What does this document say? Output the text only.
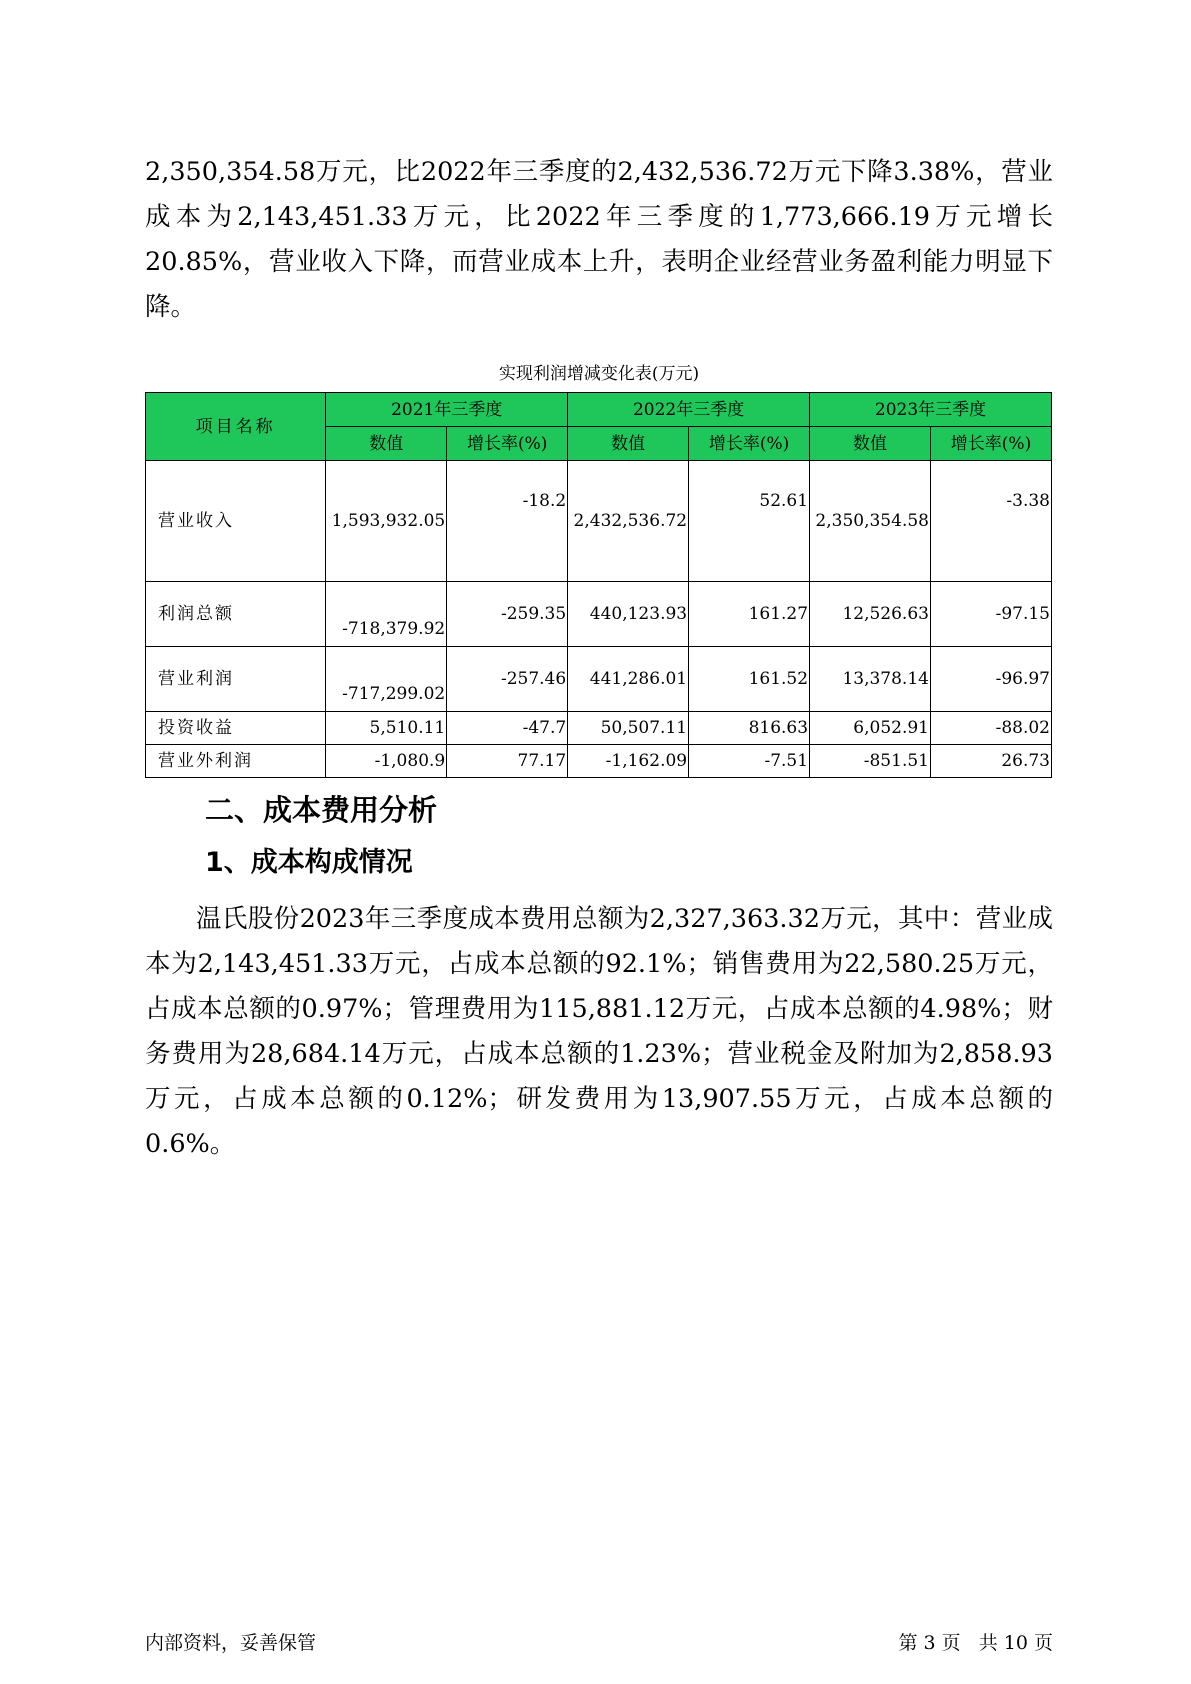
2,350,354.58万元，比2022年三季度的2,432,536.72万元下降3.38%，营业成本为2,143,451.33万元，比2022年三季度的1,773,666.19万元增长20.85%，营业收入下降，而营业成本上升，表明企业经营业务盈利能力明显下降。

实现利润增减变化表(万元)
项目名称	2021年三季度		2022年三季度		2023年三季度	
	数值	增长率(%)	数值	增长率(%)	数值	增长率(%)
营业收入	1,593,932.05	-18.2	2,432,536.72	52.61	2,350,354.58	-3.38
利润总额	-718,379.92	-259.35	440,123.93	161.27	12,526.63	-97.15
营业利润	-717,299.02	-257.46	441,286.01	161.52	13,378.14	-96.97
投资收益	5,510.11	-47.7	50,507.11	816.63	6,052.91	-88.02
营业外利润	-1,080.9	77.17	-1,162.09	-7.51	-851.51	26.73
二、成本费用分析
1、成本构成情况

温氏股份2023年三季度成本费用总额为2,327,363.32万元，其中：营业成本为2,143,451.33万元，占成本总额的92.1%；销售费用为22,580.25万元，占成本总额的0.97%；管理费用为115,881.12万元，占成本总额的4.98%；财务费用为28,684.14万元，占成本总额的1.23%；营业税金及附加为2,858.93万元，占成本总额的0.12%；研发费用为13,907.55万元，占成本总额的0.6%。

内部资料，妥善保管	第 3 页   共 10 页
